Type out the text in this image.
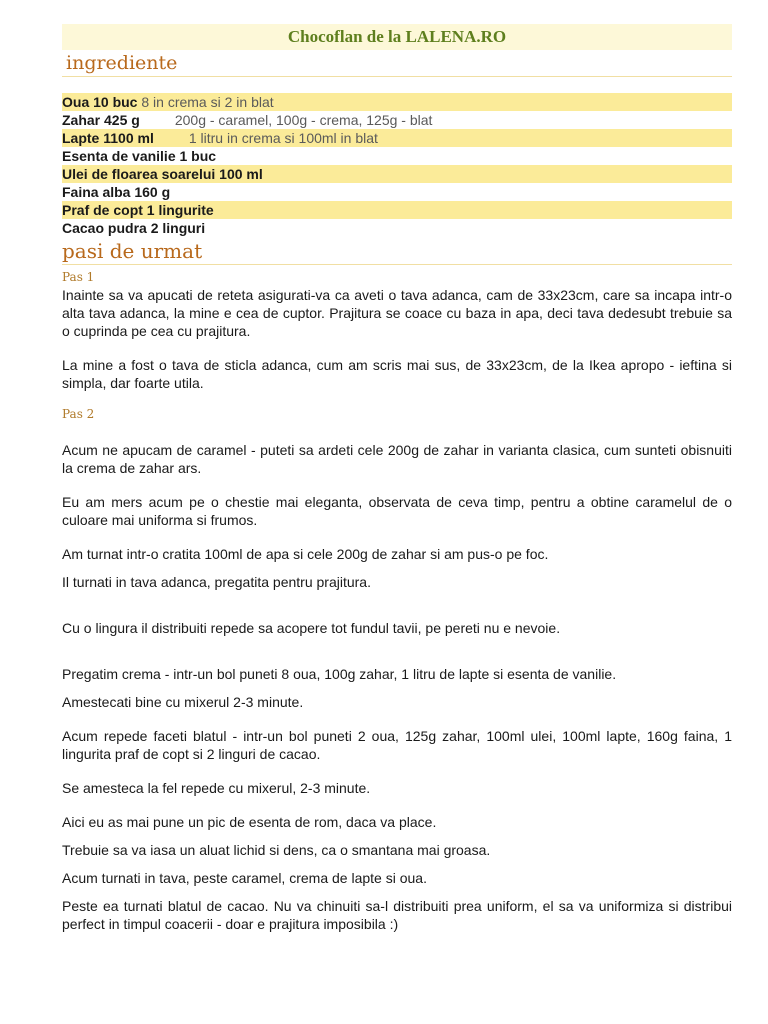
Chocoflan de la LALENA.RO
ingrediente
Oua 10 buc 8 in crema si 2 in blat
Zahar 425 g	200g - caramel, 100g - crema, 125g - blat
Lapte 1100 ml	1 litru in crema si 100ml in blat
Esenta de vanilie 1 buc
Ulei de floarea soarelui 100 ml
Faina alba 160 g
Praf de copt 1 lingurite
Cacao pudra 2 linguri
pasi de urmat
Pas 1

Inainte sa va apucati de reteta asigurati-va ca aveti o tava adanca, cam de 33x23cm, care sa incapa intr-o alta tava adanca, la mine e cea de cuptor. Prajitura se coace cu baza in apa, deci tava dedesubt trebuie sa o cuprinda pe cea cu prajitura.

La mine a fost o tava de sticla adanca, cum am scris mai sus, de 33x23cm, de la Ikea apropo - ieftina si simpla, dar foarte utila.

Pas 2

Acum ne apucam de caramel - puteti sa ardeti cele 200g de zahar in varianta clasica, cum sunteti obisnuiti la crema de zahar ars.

Eu am mers acum pe o chestie mai eleganta, observata de ceva timp, pentru a obtine caramelul de o culoare mai uniforma si frumos.

Am turnat intr-o cratita 100ml de apa si cele 200g de zahar si am pus-o pe foc.

Il turnati in tava adanca, pregatita pentru prajitura.

Cu o lingura il distribuiti repede sa acopere tot fundul tavii, pe pereti nu e nevoie.

Pregatim crema - intr-un bol puneti 8 oua, 100g zahar, 1 litru de lapte si esenta de vanilie.

Amestecati bine cu mixerul 2-3 minute.

Acum repede faceti blatul - intr-un bol puneti 2 oua, 125g zahar, 100ml ulei, 100ml lapte, 160g faina, 1 lingurita praf de copt si 2 linguri de cacao.

Se amesteca la fel repede cu mixerul, 2-3 minute.

Aici eu as mai pune un pic de esenta de rom, daca va place.

Trebuie sa va iasa un aluat lichid si dens, ca o smantana mai groasa.

Acum turnati in tava, peste caramel, crema de lapte si oua.

Peste ea turnati blatul de cacao. Nu va chinuiti sa-l distribuiti prea uniform, el sa va uniformiza si distribui perfect in timpul coacerii - doar e prajitura imposibila :)
